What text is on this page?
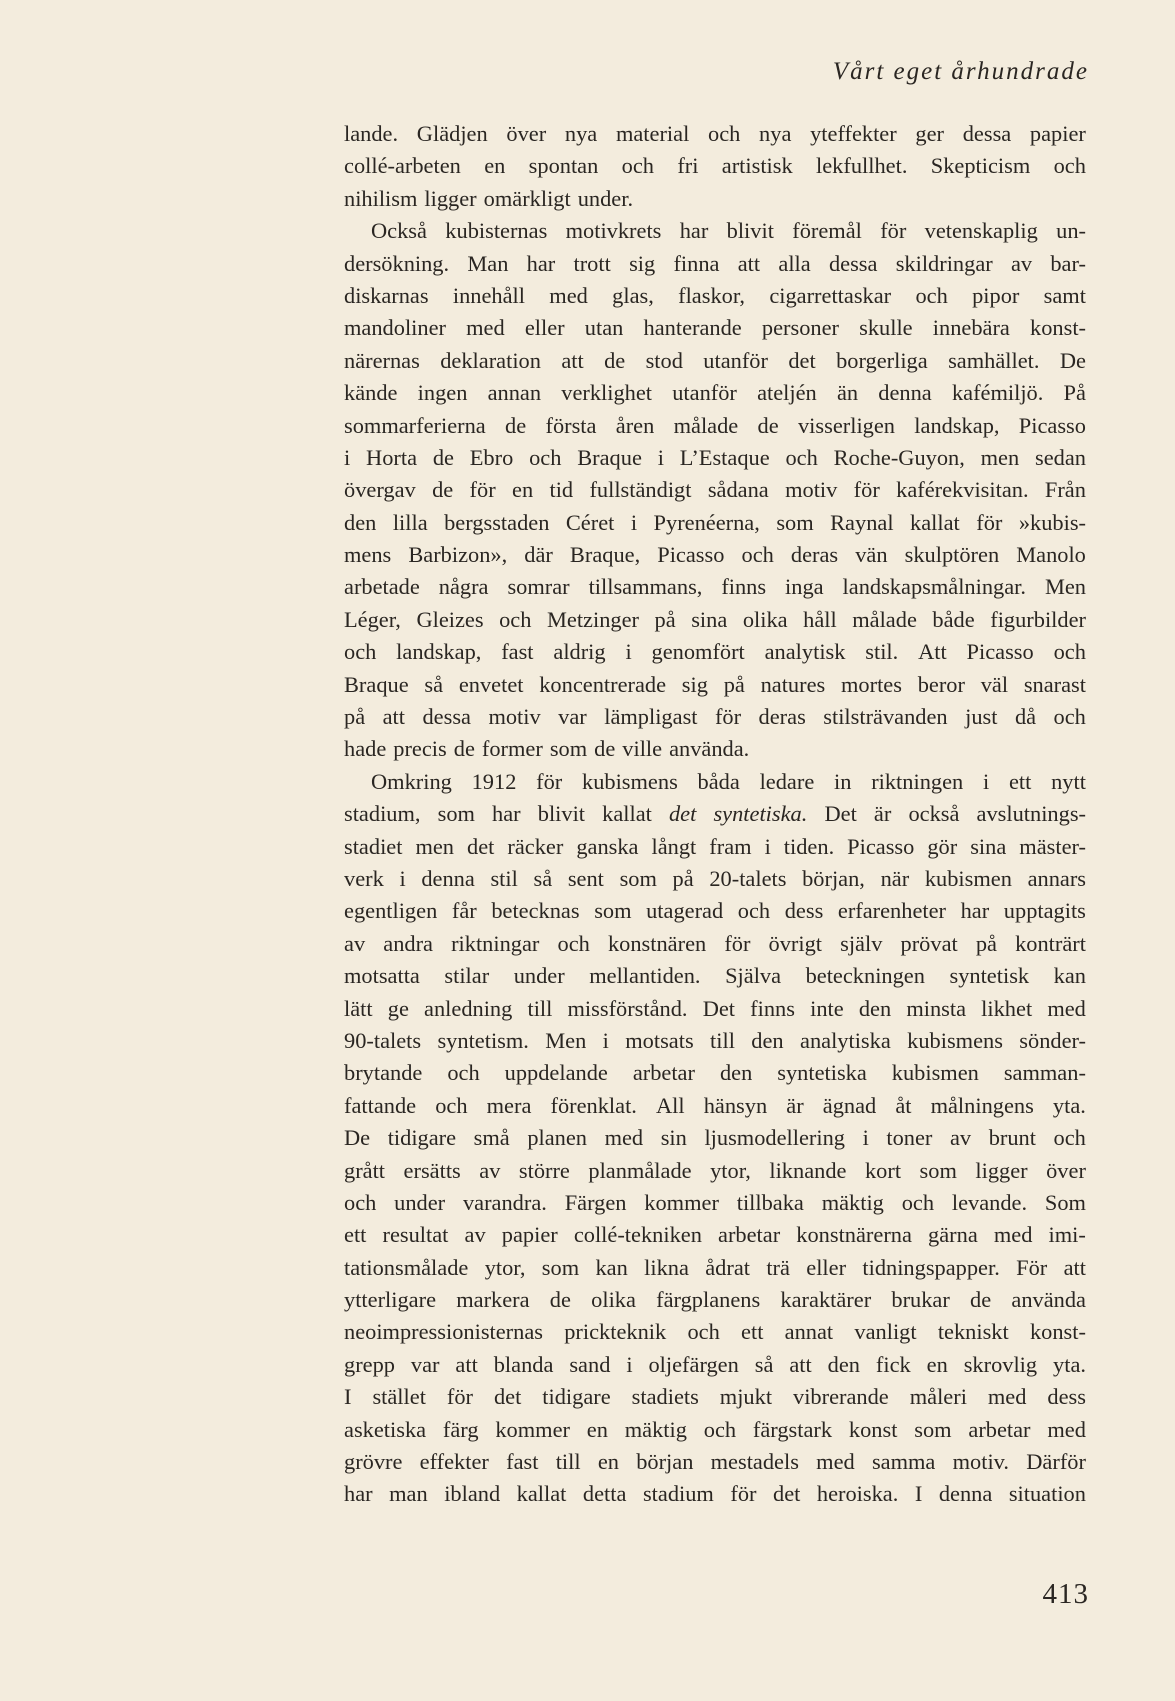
Vårt eget århundrade
lande. Glädjen över nya material och nya yteffekter ger dessa papier
collé-arbeten en spontan och fri artistisk lekfullhet. Skepticism och
nihilism ligger omärkligt under.
Också kubisternas motivkrets har blivit föremål för vetenskaplig un-
dersökning. Man har trott sig finna att alla dessa skildringar av bar-
diskarnas innehåll med glas, flaskor, cigarrettaskar och pipor samt
mandoliner med eller utan hanterande personer skulle innebära konst-
närernas deklaration att de stod utanför det borgerliga samhället. De
kände ingen annan verklighet utanför ateljén än denna kafémiljö. På
sommarferierna de första åren målade de visserligen landskap, Picasso
i Horta de Ebro och Braque i L’Estaque och Roche-Guyon, men sedan
övergav de för en tid fullständigt sådana motiv för kaférekvisitan. Från
den lilla bergsstaden Céret i Pyrenéerna, som Raynal kallat för »kubis-
mens Barbizon», där Braque, Picasso och deras vän skulptören Manolo
arbetade några somrar tillsammans, finns inga landskapsmålningar. Men
Léger, Gleizes och Metzinger på sina olika håll målade både figurbilder
och landskap, fast aldrig i genomfört analytisk stil. Att Picasso och
Braque så envetet koncentrerade sig på natures mortes beror väl snarast
på att dessa motiv var lämpligast för deras stilsträvanden just då och
hade precis de former som de ville använda.
Omkring 1912 för kubismens båda ledare in riktningen i ett nytt
stadium, som har blivit kallat det syntetiska. Det är också avslutnings-
stadiet men det räcker ganska långt fram i tiden. Picasso gör sina mäster-
verk i denna stil så sent som på 20-talets början, när kubismen annars
egentligen får betecknas som utagerad och dess erfarenheter har upptagits
av andra riktningar och konstnären för övrigt själv prövat på konträrt
motsatta stilar under mellantiden. Själva beteckningen syntetisk kan
lätt ge anledning till missförstånd. Det finns inte den minsta likhet med
90-talets syntetism. Men i motsats till den analytiska kubismens sönder-
brytande och uppdelande arbetar den syntetiska kubismen samman-
fattande och mera förenklat. All hänsyn är ägnad åt målningens yta.
De tidigare små planen med sin ljusmodellering i toner av brunt och
grått ersätts av större planmålade ytor, liknande kort som ligger över
och under varandra. Färgen kommer tillbaka mäktig och levande. Som
ett resultat av papier collé-tekniken arbetar konstnärerna gärna med imi-
tationsmålade ytor, som kan likna ådrat trä eller tidningspapper. För att
ytterligare markera de olika färgplanens karaktärer brukar de använda
neoimpressionisternas prickteknik och ett annat vanligt tekniskt konst-
grepp var att blanda sand i oljefärgen så att den fick en skrovlig yta.
I stället för det tidigare stadiets mjukt vibrerande måleri med dess
asketiska färg kommer en mäktig och färgstark konst som arbetar med
grövre effekter fast till en början mestadels med samma motiv. Därför
har man ibland kallat detta stadium för det heroiska. I denna situation
413
